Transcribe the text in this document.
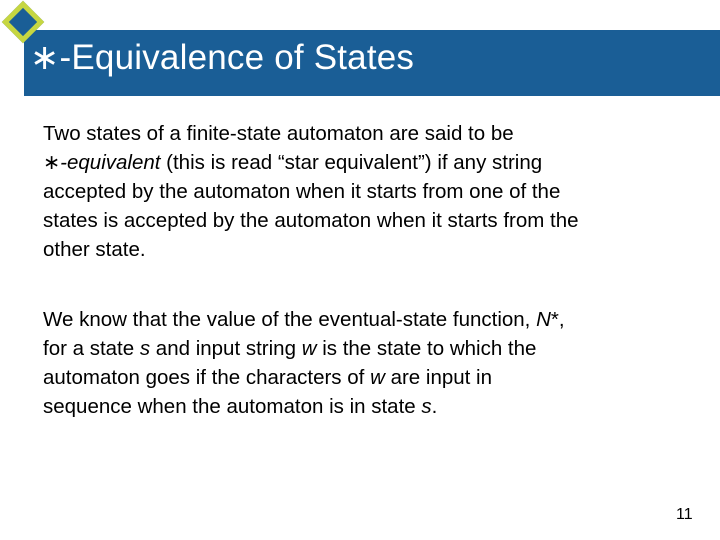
∗-Equivalence of States
Two states of a finite-state automaton are said to be
∗-equivalent (this is read “star equivalent”) if any string
accepted by the automaton when it starts from one of the
states is accepted by the automaton when it starts from the
other state.
We know that the value of the eventual-state function, N*,
for a state s and input string w is the state to which the
automaton goes if the characters of w are input in
sequence when the automaton is in state s.
11
